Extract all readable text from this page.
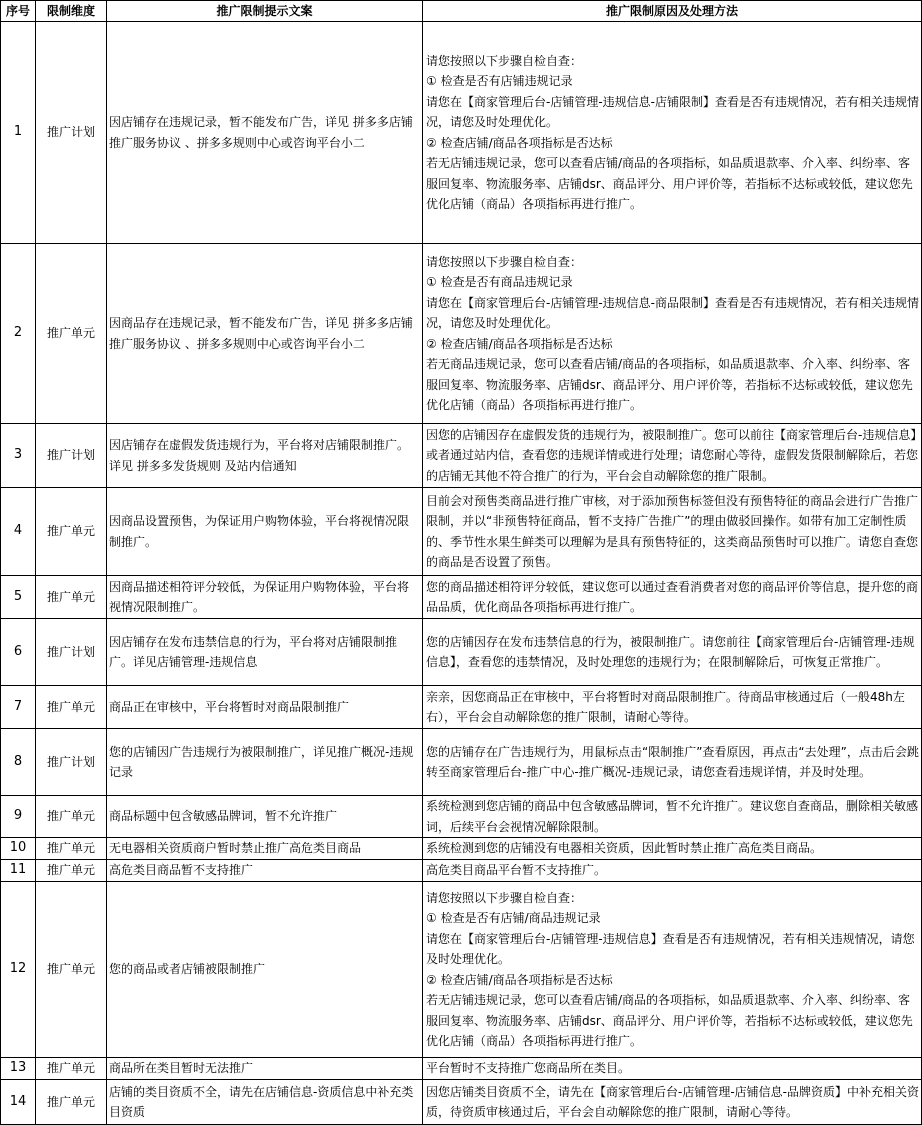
序号	限制维度	推广限制提示文案	推广限制原因及处理方法
1	推广计划	因店铺存在违规记录，暂不能发布广告，详见 拼多多店铺推广服务协议 、拼多多规则中心或咨询平台小二	请您按照以下步骤自检自查：
① 检查是否有店铺违规记录
请您在【商家管理后台-店铺管理-违规信息-店铺限制】查看是否有违规情况，若有相关违规情况，请您及时处理优化。
② 检查店铺/商品各项指标是否达标
若无店铺违规记录，您可以查看店铺/商品的各项指标，如品质退款率、介入率、纠纷率、客服回复率、物流服务率、店铺dsr、商品评分、用户评价等，若指标不达标或较低，建议您先优化店铺（商品）各项指标再进行推广。

2	推广单元	因商品存在违规记录，暂不能发布广告，详见 拼多多店铺推广服务协议 、拼多多规则中心或咨询平台小二	请您按照以下步骤自检自查：
① 检查是否有商品违规记录
请您在【商家管理后台-店铺管理-违规信息-商品限制】查看是否有违规情况，若有相关违规情况，请您及时处理优化。
② 检查店铺/商品各项指标是否达标
若无商品违规记录，您可以查看店铺/商品的各项指标，如品质退款率、介入率、纠纷率、客服回复率、物流服务率、店铺dsr、商品评分、用户评价等，若指标不达标或较低，建议您先优化店铺（商品）各项指标再进行推广。

3	推广计划	因店铺存在虚假发货违规行为，平台将对店铺限制推广。详见 拼多多发货规则 及站内信通知	因您的店铺因存在虚假发货的违规行为，被限制推广。您可以前往【商家管理后台-违规信息】或者通过站内信，查看您的违规详情或进行处理；请您耐心等待，虚假发货限制解除后，若您的店铺无其他不符合推广的行为，平台会自动解除您的推广限制。

4	推广单元	因商品设置预售，为保证用户购物体验，平台将视情况限制推广。	目前会对预售类商品进行推广审核，对于添加预售标签但没有预售特征的商品会进行广告推广限制，并以“非预售特征商品，暂不支持广告推广”的理由做驳回操作。如带有加工定制性质的、季节性水果生鲜类可以理解为是具有预售特征的，这类商品预售时可以推广。请您自查您的商品是否设置了预售。

5	推广单元	因商品描述相符评分较低，为保证用户购物体验，平台将视情况限制推广。	您的商品描述相符评分较低，建议您可以通过查看消费者对您的商品评价等信息，提升您的商品品质，优化商品各项指标再进行推广。

6	推广计划	因店铺存在发布违禁信息的行为，平台将对店铺限制推广。详见店铺管理-违规信息	您的店铺因存在发布违禁信息的行为，被限制推广。请您前往【商家管理后台-店铺管理-违规信息】，查看您的违禁情况，及时处理您的违规行为；在限制解除后，可恢复正常推广。

7	推广单元	商品正在审核中，平台将暂时对商品限制推广	亲亲，因您商品正在审核中，平台将暂时对商品限制推广。待商品审核通过后（一般48h左右），平台会自动解除您的推广限制，请耐心等待。

8	推广计划	您的店铺因广告违规行为被限制推广，详见推广概况-违规记录	您的店铺存在广告违规行为，用鼠标点击“限制推广”查看原因，再点击“去处理”，点击后会跳转至商家管理后台-推广中心-推广概况-违规记录，请您查看违规详情，并及时处理。

9	推广单元	商品标题中包含敏感品牌词，暂不允许推广	系统检测到您店铺的商品中包含敏感品牌词，暂不允许推广。建议您自查商品，删除相关敏感词，后续平台会视情况解除限制。

10	推广单元	无电器相关资质商户暂时禁止推广高危类目商品	系统检测到您的店铺没有电器相关资质，因此暂时禁止推广高危类目商品。

11	推广单元	高危类目商品暂不支持推广	高危类目商品平台暂不支持推广。

12	推广单元	您的商品或者店铺被限制推广	请您按照以下步骤自检自查：
① 检查是否有店铺/商品违规记录
请您在【商家管理后台-店铺管理-违规信息】查看是否有违规情况，若有相关违规情况，请您及时处理优化。
② 检查店铺/商品各项指标是否达标
若无店铺违规记录，您可以查看店铺/商品的各项指标，如品质退款率、介入率、纠纷率、客服回复率、物流服务率、店铺dsr、商品评分、用户评价等，若指标不达标或较低，建议您先优化店铺（商品）各项指标再进行推广。

13	推广单元	商品所在类目暂时无法推广	平台暂时不支持推广您商品所在类目。

14	推广单元	店铺的类目资质不全，请先在店铺信息-资质信息中补充类目资质	因您店铺类目资质不全，请先在【商家管理后台-店铺管理-店铺信息-品牌资质】中补充相关资质，待资质审核通过后，平台会自动解除您的推广限制，请耐心等待。
